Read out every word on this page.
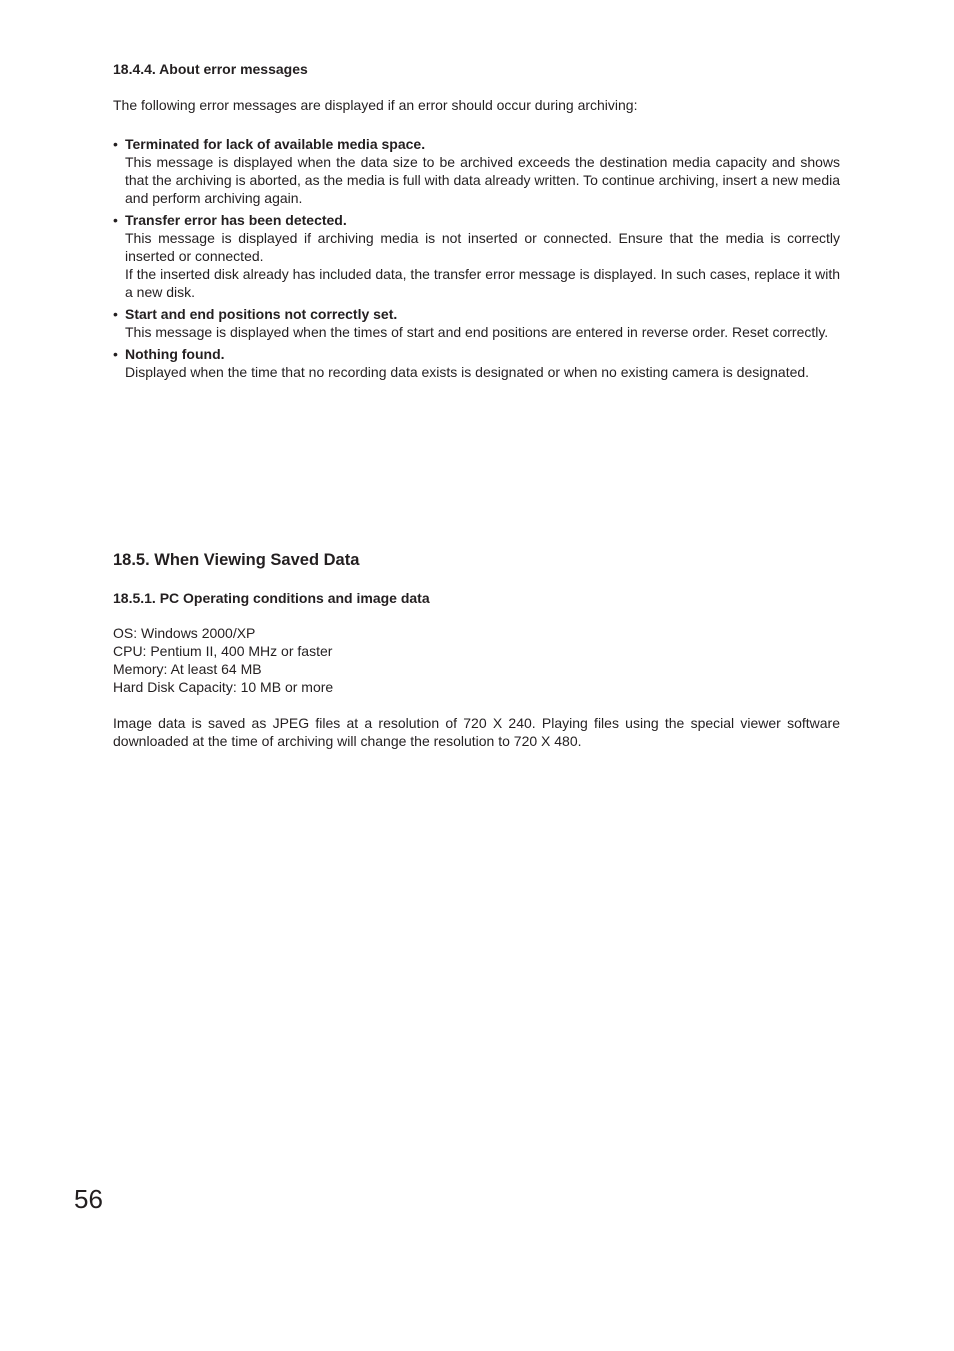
18.4.4. About error messages

The following error messages are displayed if an error should occur during archiving:

• Terminated for lack of available media space.
This message is displayed when the data size to be archived exceeds the destination media capacity and shows that the archiving is aborted, as the media is full with data already written. To continue archiving, insert a new media and perform archiving again.
• Transfer error has been detected.
This message is displayed if archiving media is not inserted or connected. Ensure that the media is correctly inserted or connected.
If the inserted disk already has included data, the transfer error message is displayed. In such cases, replace it with a new disk.
• Start and end positions not correctly set.
This message is displayed when the times of start and end positions are entered in reverse order. Reset correctly.
• Nothing found.
Displayed when the time that no recording data exists is designated or when no existing camera is designated.
18.5. When Viewing Saved Data
18.5.1. PC Operating conditions and image data
OS: Windows 2000/XP
CPU: Pentium II, 400 MHz or faster
Memory: At least 64 MB
Hard Disk Capacity: 10 MB or more

Image data is saved as JPEG files at a resolution of 720 X 240. Playing files using the special viewer software downloaded at the time of archiving will change the resolution to 720 X 480.

56
